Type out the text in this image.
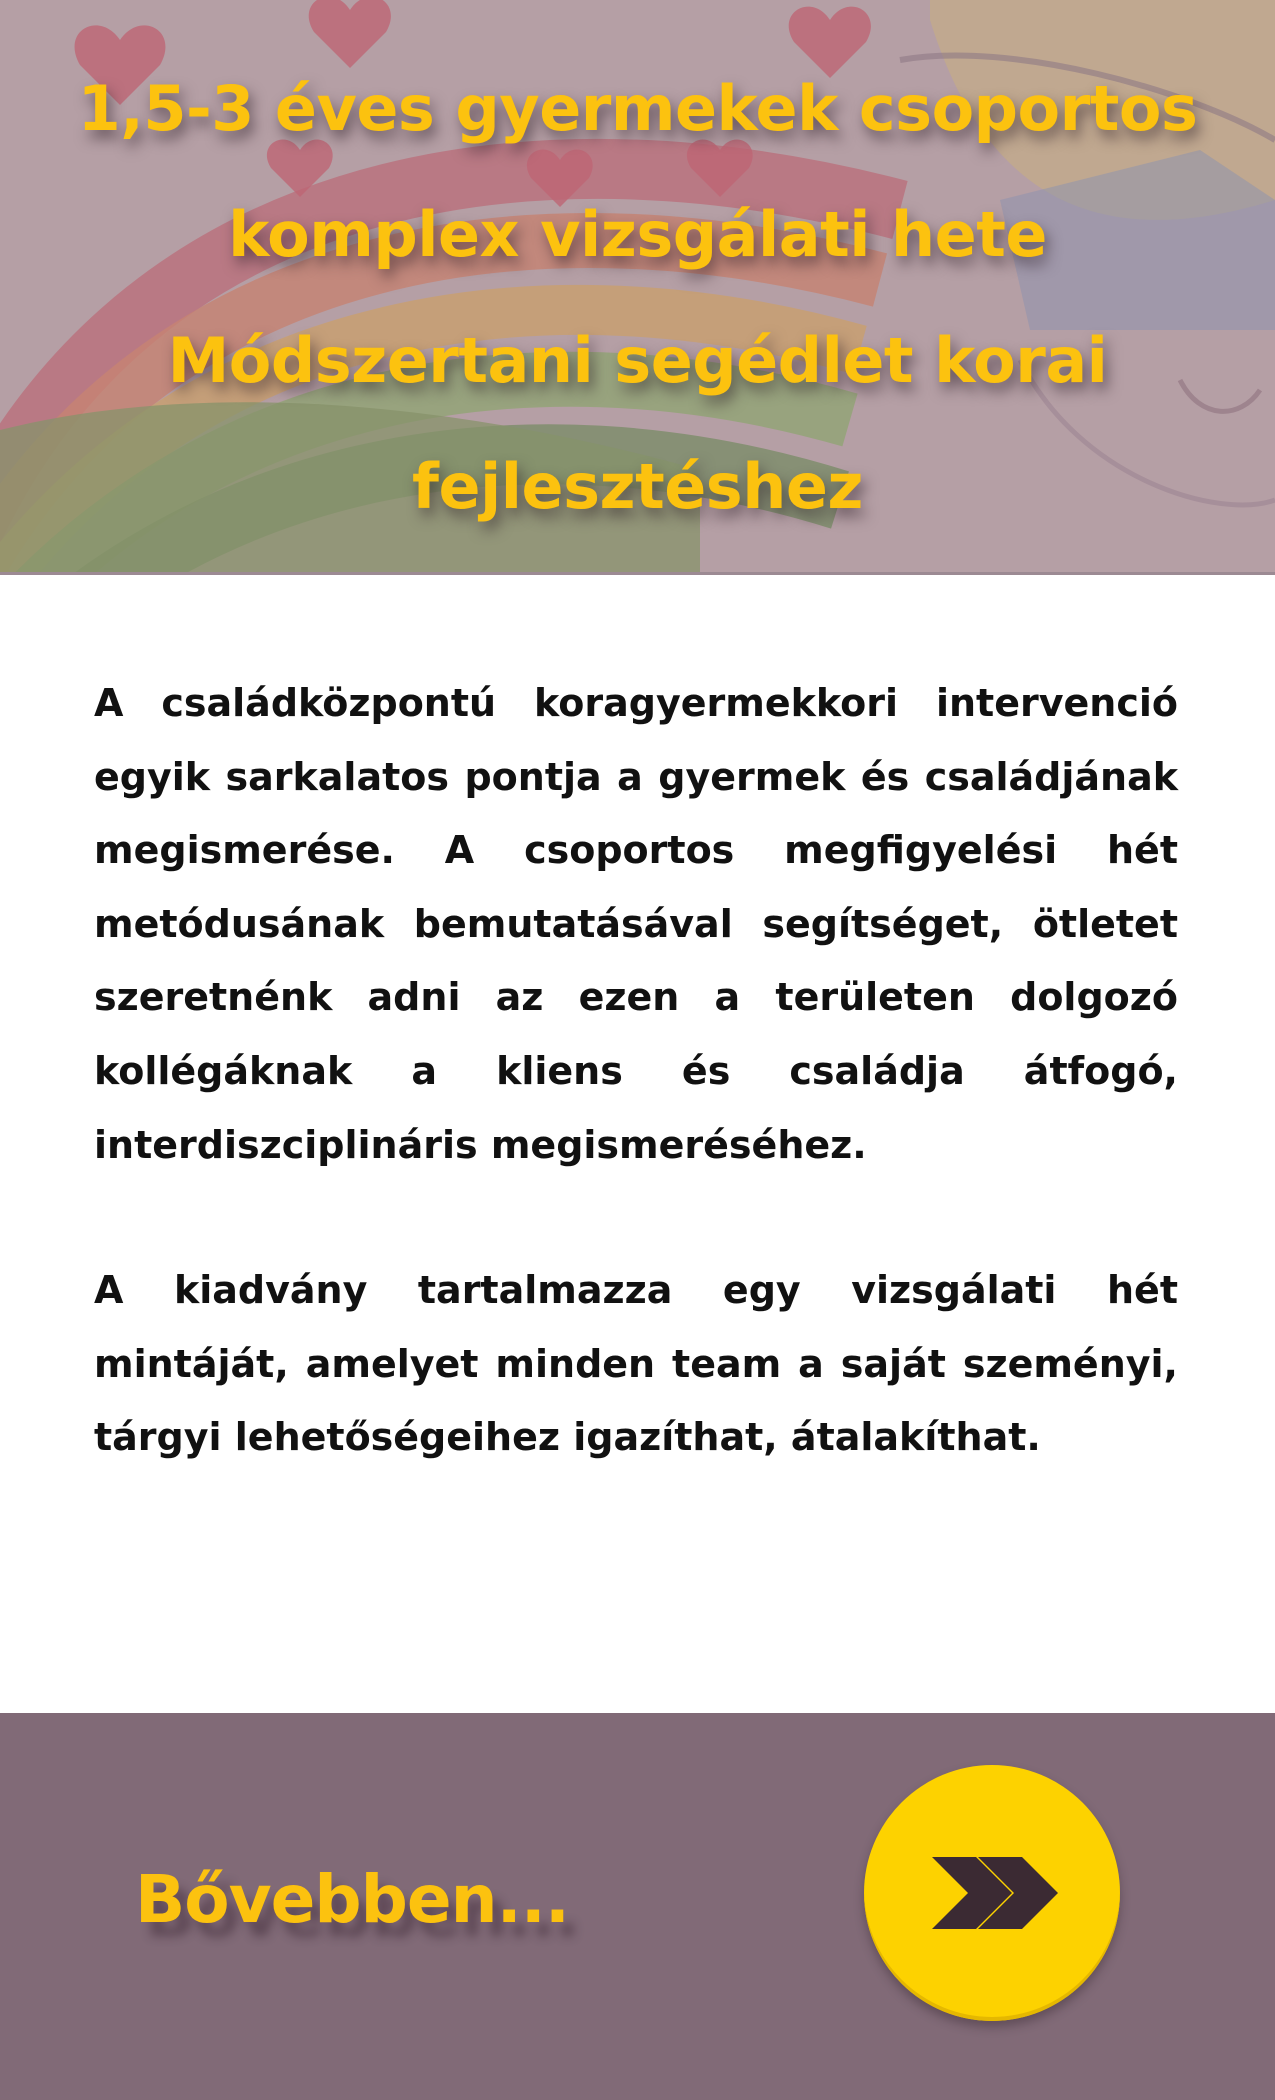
1,5-3 éves gyermekek csoportos
komplex vizsgálati hete
Módszertani segédlet korai
fejlesztéshez

A családközpontú koragyermekkori intervenció egyik sarkalatos pontja a gyermek és családjának megismerése. A csoportos megfigyelési hét metódusának bemutatásával segítséget, ötletet szeretnénk adni az ezen a területen dolgozó kollégáknak a kliens és családja átfogó, interdiszciplináris megismeréséhez.

A kiadvány tartalmazza egy vizsgálati hét mintáját, amelyet minden team a saját szeményi, tárgyi lehetőségeihez igazíthat, átalakíthat.

Bővebben...
